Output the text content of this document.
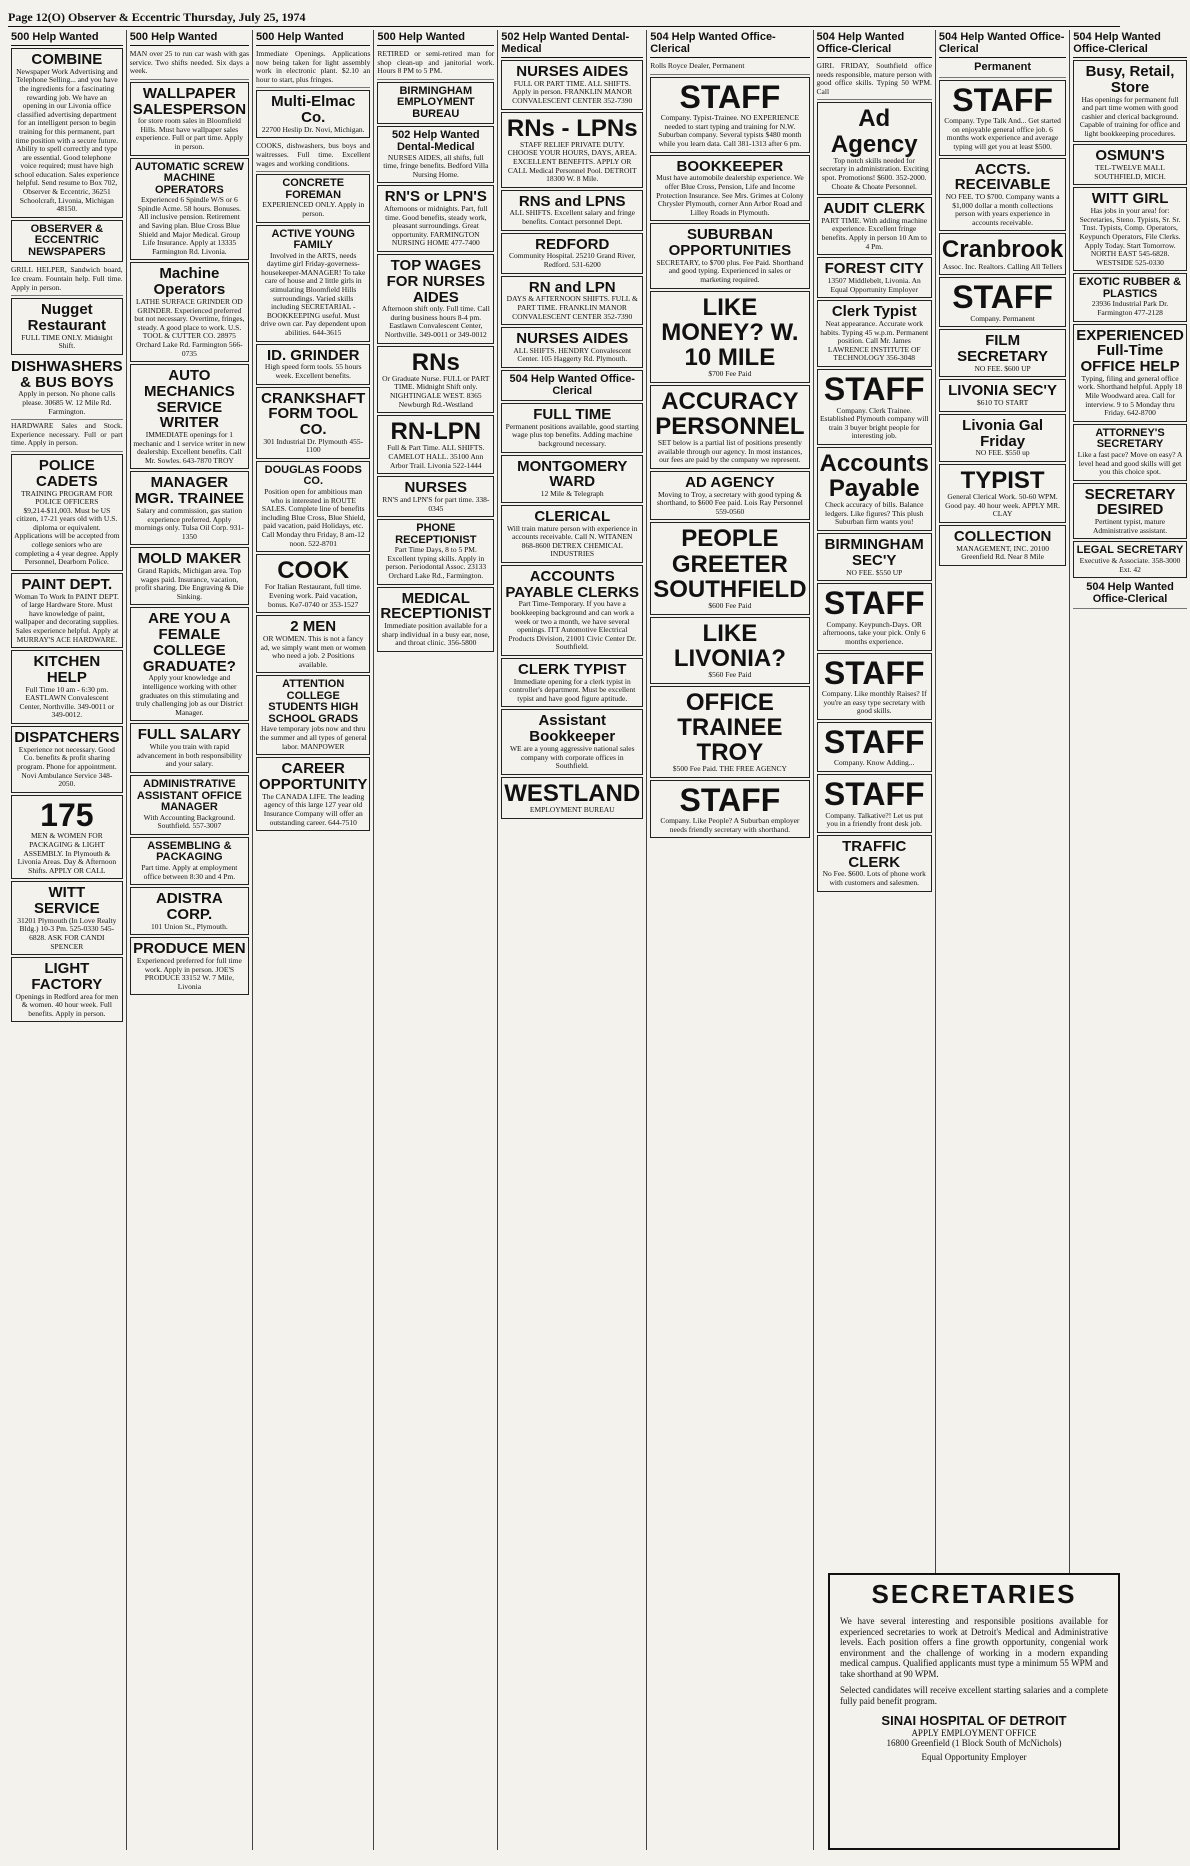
Page 12(O) Observer & Eccentric Thursday, July 25, 1974
500 Help Wanted
COMBINE
Newspaper Work Advertising and Telephone Selling... and you have the ingredients for a fascinating rewarding job. We have an opening in our Livonia office classified advertising department for an intelligent person to begin training for this permanent, part time position with a secure future. Ability to spell correctly and type are essential. Good telephone voice required; must have high school education. Sales experience helpful. Send resume to Box 702, Observer & Eccentric, 36251 Schoolcraft, Livonia, Michigan 48150.
OBSERVER & ECCENTRIC NEWSPAPERS
GRILL HELPER, Sandwich board, Ice cream. Fountain help. Full time. Apply in person.
Nugget Restaurant
FULL TIME ONLY. Midnight Shift.
DISHWASHERS & BUS BOYS
Apply in person. No phone calls please. 30685 W. 12 Mile Rd. Farmington.
HARDWARE Sales and Stock. Experience necessary. Full or part time. Apply in person.
POLICE CADETS
TRAINING PROGRAM FOR POLICE OFFICERS $9,214-$11,003. Must be US citizen, 17-21 years old with U.S. diploma or equivalent. Applications will be accepted from college seniors who are completing a 4 year degree. Apply Personnel, Dearborn Police.
PAINT DEPT.
Woman To Work In PAINT DEPT. of large Hardware Store. Must have knowledge of paint, wallpaper and decorating supplies. Sales experience helpful. Apply at MURRAY'S ACE HARDWARE.
KITCHEN HELP
Full Time 10 am - 6:30 pm. EASTLAWN Convalescent Center, Northville. 349-0011 or 349-0012.
DISPATCHERS
Experience not necessary. Good Co. benefits & profit sharing program. Phone for appointment. Novi Ambulance Service 348-2050.
175
MEN & WOMEN FOR PACKAGING & LIGHT ASSEMBLY. In Plymouth & Livonia Areas. Day & Afternoon Shifts. APPLY OR CALL
WITT SERVICE
31201 Plymouth (In Love Realty Bldg.) 10-3 Pm. 525-0330 545-6828. ASK FOR CANDI SPENCER
LIGHT FACTORY
Openings in Redford area for men & women. 40 hour week. Full benefits. Apply in person.
500 Help Wanted
MAN over 25 to run car wash with gas service. Two shifts needed. Six days a week.
WALLPAPER SALESPERSON
for store room sales in Bloomfield Hills. Must have wallpaper sales experience. Full or part time. Apply in person.
AUTOMATIC SCREW MACHINE OPERATORS
Experienced 6 Spindle W/S or 6 Spindle Acme. 58 hours. Bonuses. All inclusive pension. Retirement and Saving plan. Blue Cross Blue Shield and Major Medical. Group Life Insurance. Apply at 13335 Farmington Rd. Livonia.
Machine Operators
LATHE SURFACE GRINDER OD GRINDER. Experienced preferred but not necessary. Overtime, fringes, steady. A good place to work. U.S. TOOL & CUTTER CO. 28975 Orchard Lake Rd. Farmington 566-0735
AUTO MECHANICS SERVICE WRITER
IMMEDIATE openings for 1 mechanic and 1 service writer in new dealership. Excellent benefits. Call Mr. Sowles. 643-7870 TROY
MANAGER MGR. TRAINEE
Salary and commission, gas station experience preferred. Apply mornings only. Tulsa Oil Corp. 931-1350
MOLD MAKER
Grand Rapids, Michigan area. Top wages paid. Insurance, vacation, profit sharing. Die Engraving & Die Sinking.
ARE YOU A FEMALE COLLEGE GRADUATE?
Apply your knowledge and intelligence working with other graduates on this stimulating and truly challenging job as our District Manager.
FULL SALARY
While you train with rapid advancement in both responsibility and your salary.
ADMINISTRATIVE ASSISTANT OFFICE MANAGER
With Accounting Background. Southfield. 557-3007
ASSEMBLING & PACKAGING
Part time. Apply at employment office between 8:30 and 4 Pm.
ADISTRA CORP.
101 Union St., Plymouth.
PRODUCE MEN
Experienced preferred for full time work. Apply in person. JOE'S PRODUCE 33152 W. 7 Mile, Livonia
500 Help Wanted
Immediate Openings. Applications now being taken for light assembly work in electronic plant. $2.10 an hour to start, plus fringes.
Multi-Elmac Co.
22700 Heslip Dr. Novi, Michigan.
COOKS, dishwashers, bus boys and waitresses. Full time. Excellent wages and working conditions.
CONCRETE FOREMAN
EXPERIENCED ONLY. Apply in person.
ACTIVE YOUNG FAMILY
Involved in the ARTS, needs daytime girl Friday-governess-housekeeper-MANAGER! To take care of house and 2 little girls in stimulating Bloomfield Hills surroundings. Varied skills including SECRETARIAL - BOOKKEEPING useful. Must drive own car. Pay dependent upon abilities. 644-3615
ID. GRINDER
High speed form tools. 55 hours week. Excellent benefits.
CRANKSHAFT FORM TOOL CO.
301 Industrial Dr. Plymouth 455-1100
DOUGLAS FOODS CO.
Position open for ambitious man who is interested in ROUTE SALES. Complete line of benefits including Blue Cross, Blue Shield, paid vacation, paid Holidays, etc. Call Monday thru Friday, 8 am-12 noon. 522-8701
COOK
For Italian Restaurant, full time. Evening work. Paid vacation, bonus. Ke7-0740 or 353-1527
2 MEN
OR WOMEN. This is not a fancy ad, we simply want men or women who need a job. 2 Positions available.
ATTENTION COLLEGE STUDENTS HIGH SCHOOL GRADS
Have temporary jobs now and thru the summer and all types of general labor. MANPOWER
CAREER OPPORTUNITY
The CANADA LIFE. The leading agency of this large 127 year old Insurance Company will offer an outstanding career. 644-7510
500 Help Wanted
RETIRED or semi-retired man for shop clean-up and janitorial work. Hours 8 PM to 5 PM.
BIRMINGHAM EMPLOYMENT BUREAU
502 Help Wanted Dental-Medical
NURSES AIDES, all shifts, full time, fringe benefits. Bedford Villa Nursing Home.
RN'S or LPN'S
Afternoons or midnights. Part, full time. Good benefits, steady work, pleasant surroundings. Great opportunity. FARMINGTON NURSING HOME 477-7400
TOP WAGES FOR NURSES AIDES
Afternoon shift only. Full time. Call during business hours 8-4 pm. Eastlawn Convalescent Center, Northville. 349-0011 or 349-0012
RNs
Or Graduate Nurse. FULL or PART TIME. Midnight Shift only. NIGHTINGALE WEST. 8365 Newburgh Rd.-Westland
RN-LPN
Full & Part Time. ALL SHIFTS. CAMELOT HALL. 35100 Ann Arbor Trail. Livonia 522-1444
NURSES
RN'S and LPN'S for part time. 338-0345
PHONE RECEPTIONIST
Part Time Days, 8 to 5 PM. Excellent typing skills. Apply in person. Periodontal Assoc. 23133 Orchard Lake Rd., Farmington.
MEDICAL RECEPTIONIST
Immediate position available for a sharp individual in a busy ear, nose, and throat clinic. 356-5800
502 Help Wanted Dental-Medical
NURSES AIDES
FULL OR PART TIME. ALL SHIFTS. Apply in person. FRANKLIN MANOR CONVALESCENT CENTER 352-7390
RNs - LPNs
STAFF RELIEF PRIVATE DUTY. CHOOSE YOUR HOURS, DAYS, AREA. EXCELLENT BENEFITS. APPLY OR CALL Medical Personnel Pool. DETROIT 18300 W. 8 Mile.
RNS and LPNS
ALL SHIFTS. Excellent salary and fringe benefits. Contact personnel Dept.
REDFORD
Community Hospital. 25210 Grand River, Redford. 531-6200
RN and LPN
DAYS & AFTERNOON SHIFTS. FULL & PART TIME. FRANKLIN MANOR CONVALESCENT CENTER 352-7390
NURSES AIDES
ALL SHIFTS. HENDRY Convalescent Center. 105 Haggerty Rd. Plymouth.
504 Help Wanted Office-Clerical
FULL TIME
Permanent positions available, good starting wage plus top benefits. Adding machine background necessary.
MONTGOMERY WARD
12 Mile & Telegraph
CLERICAL
Will train mature person with experience in accounts receivable. Call N. WITANEN 868-8600 DETREX CHEMICAL INDUSTRIES
ACCOUNTS PAYABLE CLERKS
Part Time-Temporary. If you have a bookkeeping background and can work a week or two a month, we have several openings. ITT Automotive Electrical Products Division, 21001 Civic Center Dr. Southfield.
CLERK TYPIST
Immediate opening for a clerk typist in controller's department. Must be excellent typist and have good figure aptitude.
Assistant Bookkeeper
WE are a young aggressive national sales company with corporate offices in Southfield.
WESTLAND
EMPLOYMENT BUREAU
504 Help Wanted Office-Clerical
Rolls Royce Dealer, Permanent
STAFF
Company. Typist-Trainee. NO EXPERIENCE needed to start typing and training for N.W. Suburban company. Several typists $480 month while you learn data. Call 381-1313 after 6 pm.
BOOKKEEPER
Must have automobile dealership experience. We offer Blue Cross, Pension, Life and Income Protection Insurance. See Mrs. Grimes at Colony Chrysler Plymouth, corner Ann Arbor Road and Lilley Roads in Plymouth.
SUBURBAN OPPORTUNITIES
SECRETARY, to $700 plus. Fee Paid. Shorthand and good typing. Experienced in sales or marketing required.
LIKE MONEY? W. 10 MILE
$700 Fee Paid
ACCURACY PERSONNEL
SET below is a partial list of positions presently available through our agency. In most instances, our fees are paid by the company we represent.
AD AGENCY
Moving to Troy, a secretary with good typing & shorthand, to $600 Fee paid. Lois Ray Personnel 559-0560
PEOPLE GREETER SOUTHFIELD
$600 Fee Paid
LIKE LIVONIA?
$560 Fee Paid
OFFICE TRAINEE TROY
$500 Fee Paid. THE FREE AGENCY
STAFF
Company. Like People? A Suburban employer needs friendly secretary with shorthand.
504 Help Wanted Office-Clerical
GIRL FRIDAY, Southfield office needs responsible, mature person with good office skills. Typing 50 WPM. Call
Ad Agency
Top notch skills needed for secretary in administration. Exciting spot. Promotions! $600. 352-2000. Choate & Choate Personnel.
AUDIT CLERK
PART TIME. With adding machine experience. Excellent fringe benefits. Apply in person 10 Am to 4 Pm.
FOREST CITY
13507 Middlebelt, Livonia. An Equal Opportunity Employer
Clerk Typist
Neat appearance. Accurate work habits. Typing 45 w.p.m. Permanent position. Call Mr. James LAWRENCE INSTITUTE OF TECHNOLOGY 356-3048
STAFF
Company. Clerk Trainee. Established Plymouth company will train 3 buyer bright people for interesting job.
Accounts Payable
Check accuracy of bills. Balance ledgers. Like figures? This plush Suburban firm wants you!
BIRMINGHAM SEC'Y
NO FEE. $550 UP
STAFF
Company. Keypunch-Days. OR afternoons, take your pick. Only 6 months experience.
STAFF
Company. Like monthly Raises? If you're an easy type secretary with good skills.
STAFF
Company. Know Adding...
STAFF
Company. Talkative?! Let us put you in a friendly front desk job.
TRAFFIC CLERK
No Fee. $600. Lots of phone work with customers and salesmen.
504 Help Wanted Office-Clerical
Permanent
STAFF
Company. Type Talk And... Get started on enjoyable general office job. 6 months work experience and average typing will get you at least $500.
ACCTS. RECEIVABLE
NO FEE. TO $700. Company wants a $1,000 dollar a month collections person with years experience in accounts receivable.
Cranbrook
Assoc. Inc. Realtors. Calling All Tellers
STAFF
Company. Permanent
FILM SECRETARY
NO FEE. $600 UP
LIVONIA SEC'Y
$610 TO START
Livonia Gal Friday
NO FEE. $550 up
TYPIST
General Clerical Work. 50-60 WPM. Good pay. 40 hour week. APPLY MR. CLAY
COLLECTION
MANAGEMENT, INC. 20100 Greenfield Rd. Near 8 Mile
504 Help Wanted Office-Clerical
Busy, Retail, Store
Has openings for permanent full and part time women with good cashier and clerical background. Capable of training for office and light bookkeeping procedures.
OSMUN'S
TEL-TWELVE MALL SOUTHFIELD, MICH.
WITT GIRL
Has jobs in your area! for: Secretaries, Steno. Typists, Sr. Sr. Tnst. Typists, Comp. Operators, Keypunch Operators, File Clerks. Apply Today. Start Tomorrow. NORTH EAST 545-6828. WESTSIDE 525-0330
EXOTIC RUBBER & PLASTICS
23936 Industrial Park Dr. Farmington 477-2128
EXPERIENCED Full-Time OFFICE HELP
Typing, filing and general office work. Shorthand helpful. Apply 18 Mile Woodward area. Call for interview. 9 to 5 Monday thru Friday. 642-8700
ATTORNEY'S SECRETARY
Like a fast pace? Move on easy? A level head and good skills will get you this choice spot.
SECRETARY DESIRED
Pertinent typist, mature Administrative assistant.
LEGAL SECRETARY
Executive & Associate. 358-3000 Ext. 42
504 Help Wanted Office-Clerical
SECRETARIES
We have several interesting and responsible positions available for experienced secretaries to work at Detroit's Medical and Administrative levels. Each position offers a fine growth opportunity, congenial work environment and the challenge of working in a modern expanding medical campus. Qualified applicants must type a minimum 55 WPM and take shorthand at 90 WPM.
Selected candidates will receive excellent starting salaries and a complete fully paid benefit program.
SINAI HOSPITAL OF DETROIT
APPLY EMPLOYMENT OFFICE
16800 Greenfield (1 Block South of McNichols)
Equal Opportunity Employer
